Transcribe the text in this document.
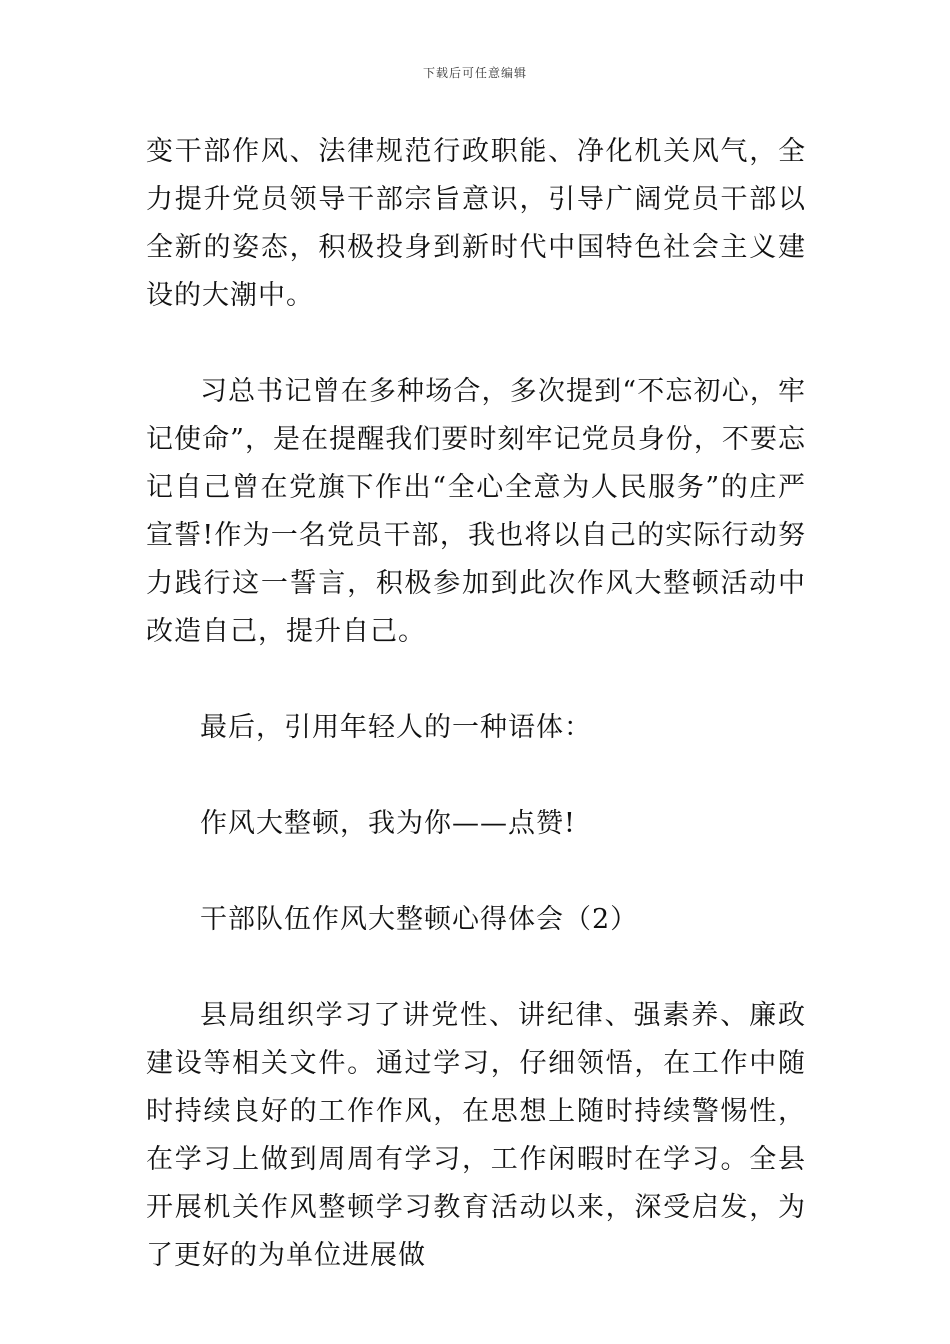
下载后可任意编辑

变干部作风、法律规范行政职能、净化机关风气，全力提升党员领导干部宗旨意识，引导广阔党员干部以全新的姿态，积极投身到新时代中国特色社会主义建设的大潮中。

习总书记曾在多种场合，多次提到“不忘初心，牢记使命”，是在提醒我们要时刻牢记党员身份，不要忘记自己曾在党旗下作出“全心全意为人民服务”的庄严宣誓!作为一名党员干部，我也将以自己的实际行动努力践行这一誓言，积极参加到此次作风大整顿活动中改造自己，提升自己。

最后，引用年轻人的一种语体：

作风大整顿，我为你——点赞!

干部队伍作风大整顿心得体会（2）

县局组织学习了讲党性、讲纪律、强素养、廉政建设等相关文件。通过学习，仔细领悟，在工作中随时持续良好的工作作风，在思想上随时持续警惕性，在学习上做到周周有学习，工作闲暇时在学习。全县开展机关作风整顿学习教育活动以来，深受启发，为了更好的为单位进展做
